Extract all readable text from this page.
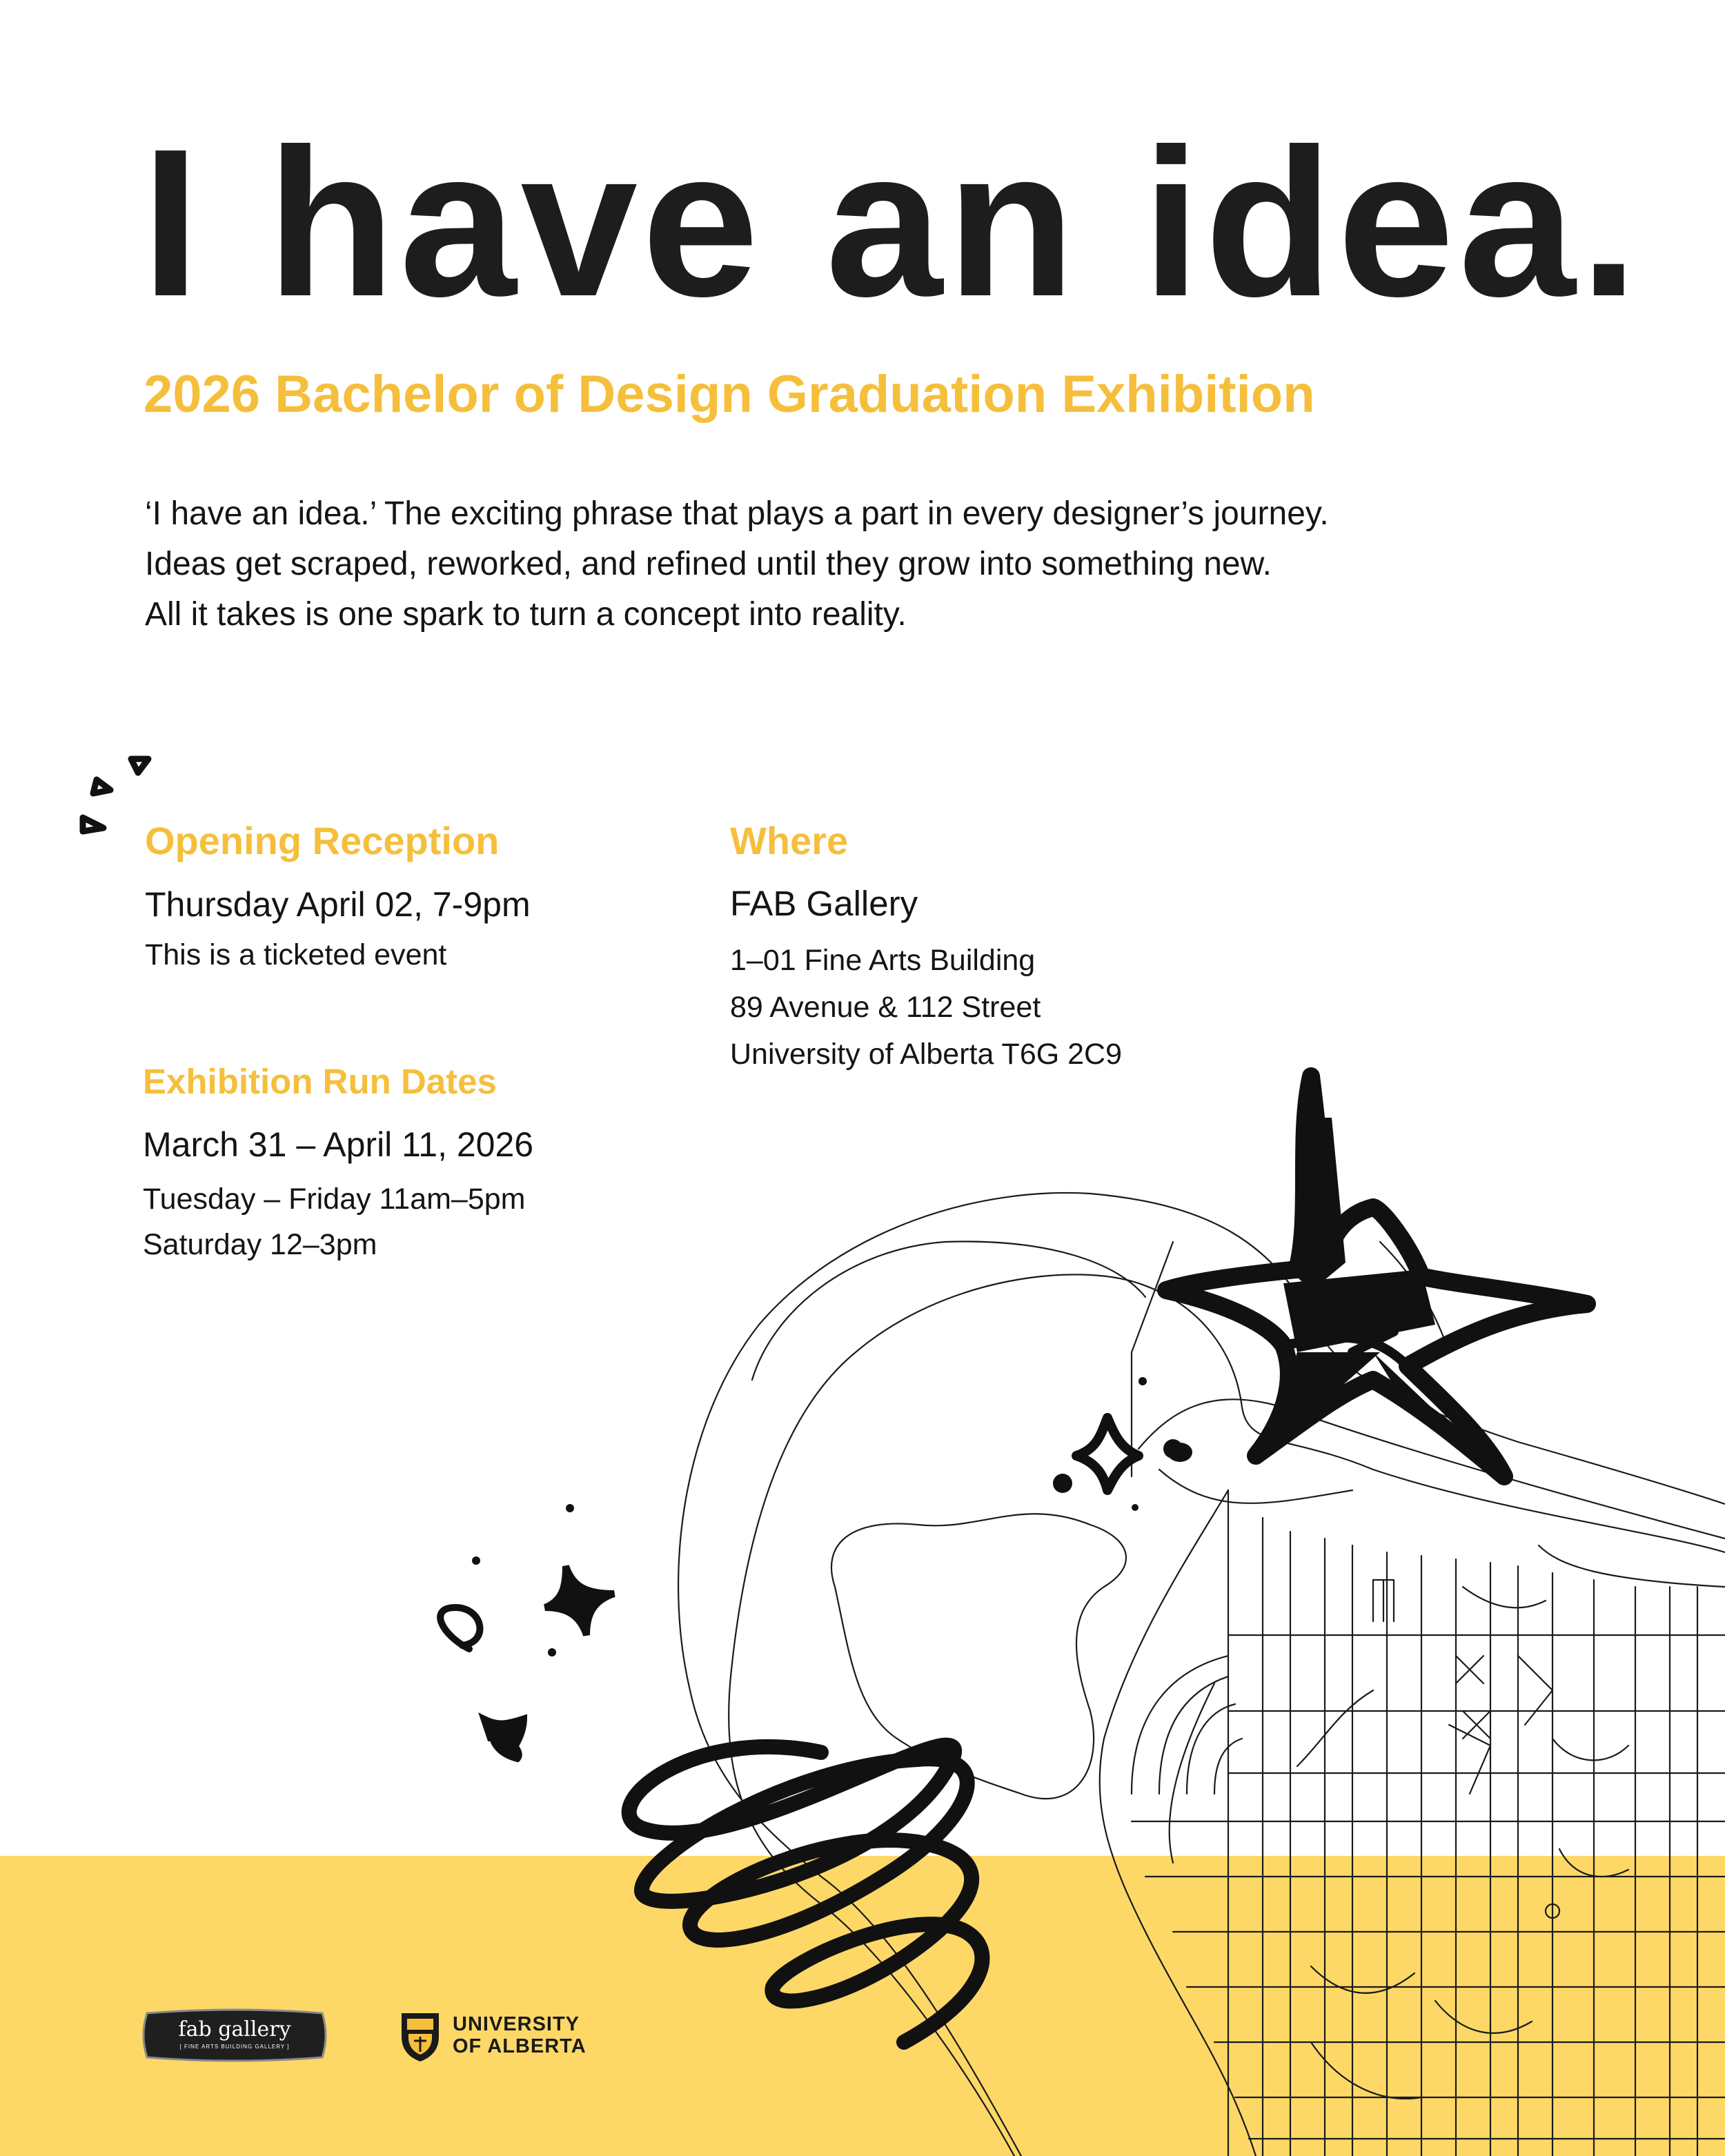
I have an idea.
2026 Bachelor of Design Graduation Exhibition

‘I have an idea.’ The exciting phrase that plays a part in every designer’s journey.

Ideas get scraped, reworked, and refined until they grow into something new.

All it takes is one spark to turn a concept into reality.

Opening Reception

Thursday April 02, 7-9pm

This is a ticketed event

Exhibition Run Dates

March 31 – April 11, 2026

Tuesday – Friday 11am–5pm

Saturday 12–3pm

Where

FAB Gallery

1–01 Fine Arts Building

89 Avenue & 112 Street

University of Alberta T6G 2C9

fab gallery
[ FINE ARTS BUILDING GALLERY ]
UNIVERSITY
OF ALBERTA
